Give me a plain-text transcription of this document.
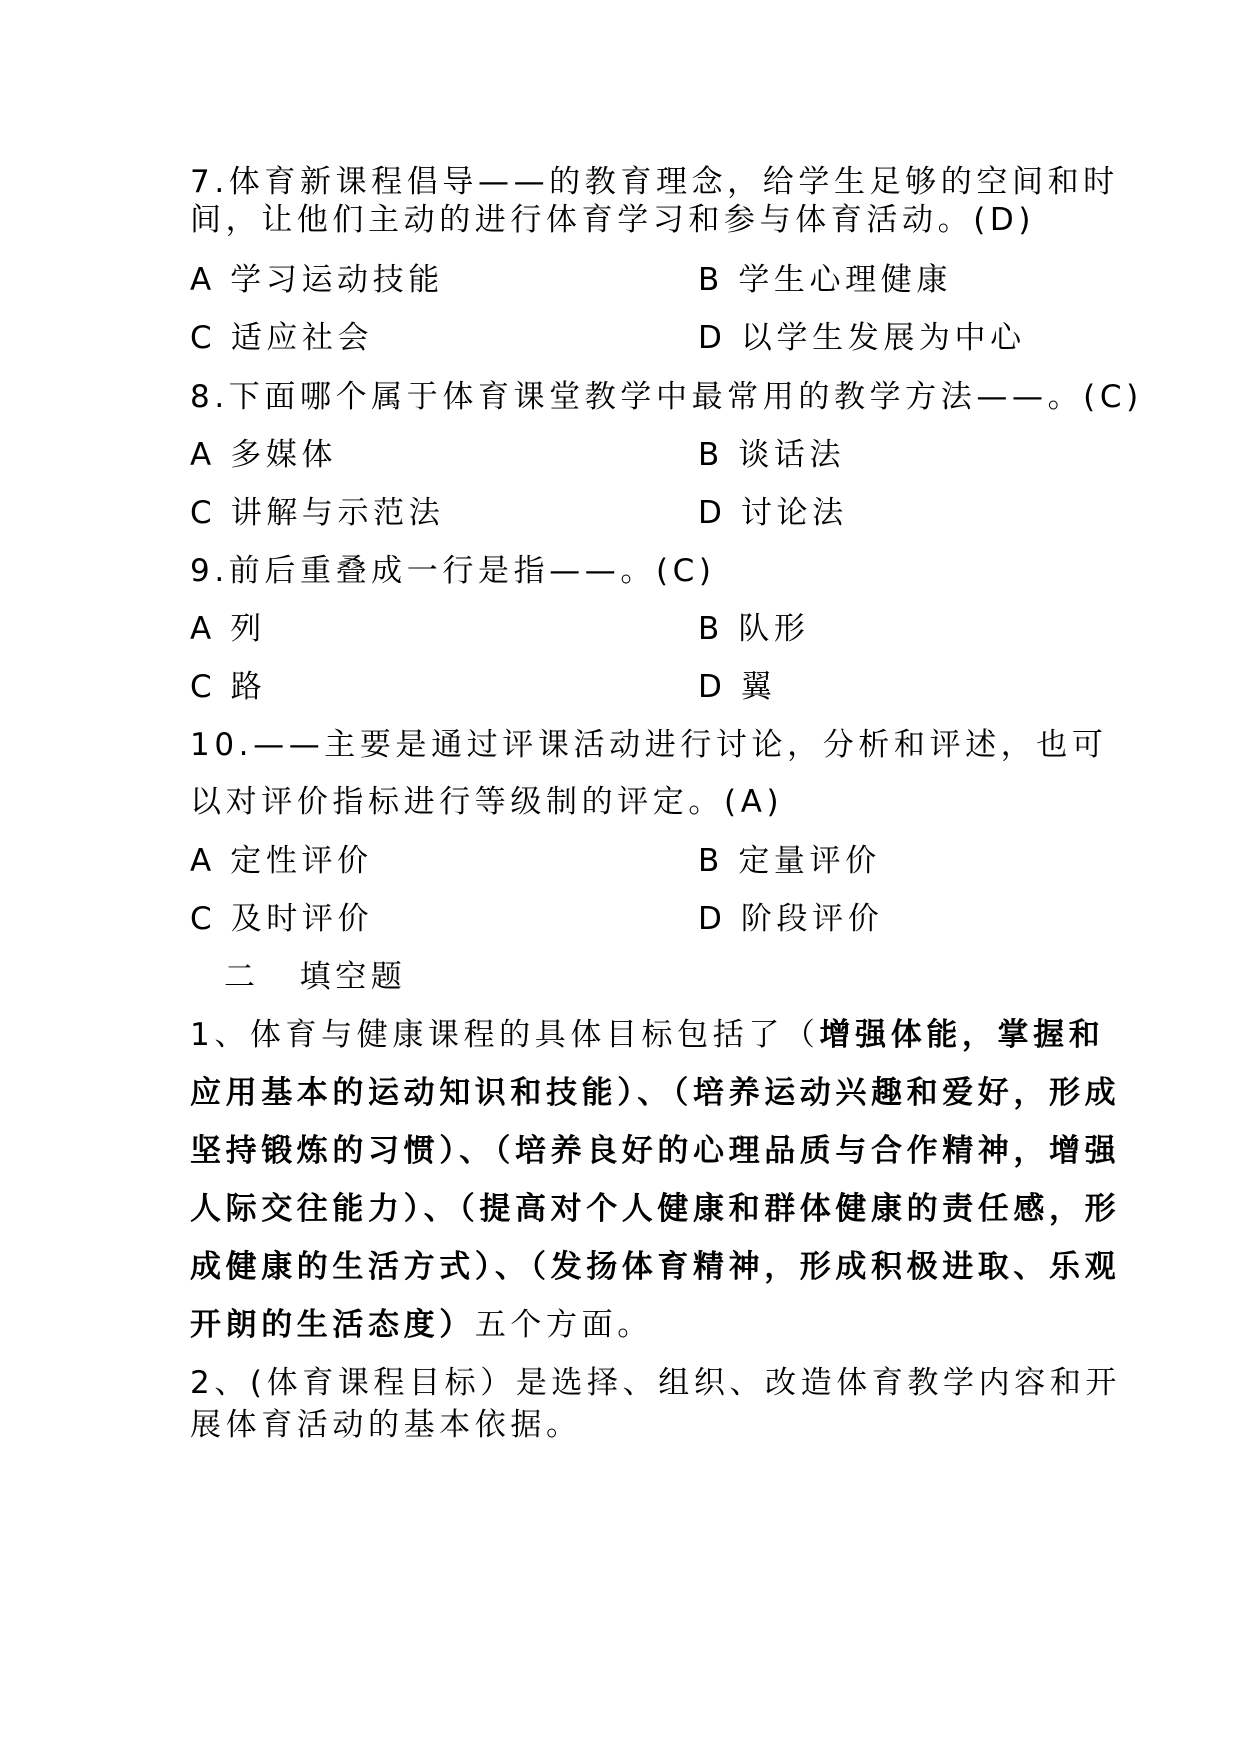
7.体育新课程倡导——的教育理念，给学生足够的空间和时
间，让他们主动的进行体育学习和参与体育活动。(D)
A 学习运动技能	B 学生心理健康
C 适应社会	D 以学生发展为中心
8.下面哪个属于体育课堂教学中最常用的教学方法——。(C)
A 多媒体	B 谈话法
C 讲解与示范法	D 讨论法
9.前后重叠成一行是指——。(C)
A 列	B 队形
C 路	D 翼
10.——主要是通过评课活动进行讨论，分析和评述，也可
以对评价指标进行等级制的评定。(A)
A 定性评价	B 定量评价
C 及时评价	D 阶段评价
二 填空题
1、体育与健康课程的具体目标包括了（增强体能，掌握和
应用基本的运动知识和技能）、（培养运动兴趣和爱好，形成
坚持锻炼的习惯）、（培养良好的心理品质与合作精神，增强
人际交往能力）、（提高对个人健康和群体健康的责任感，形
成健康的生活方式）、（发扬体育精神，形成积极进取、乐观
开朗的生活态度）五个方面。
2、(体育课程目标）是选择、组织、改造体育教学内容和开
展体育活动的基本依据。
